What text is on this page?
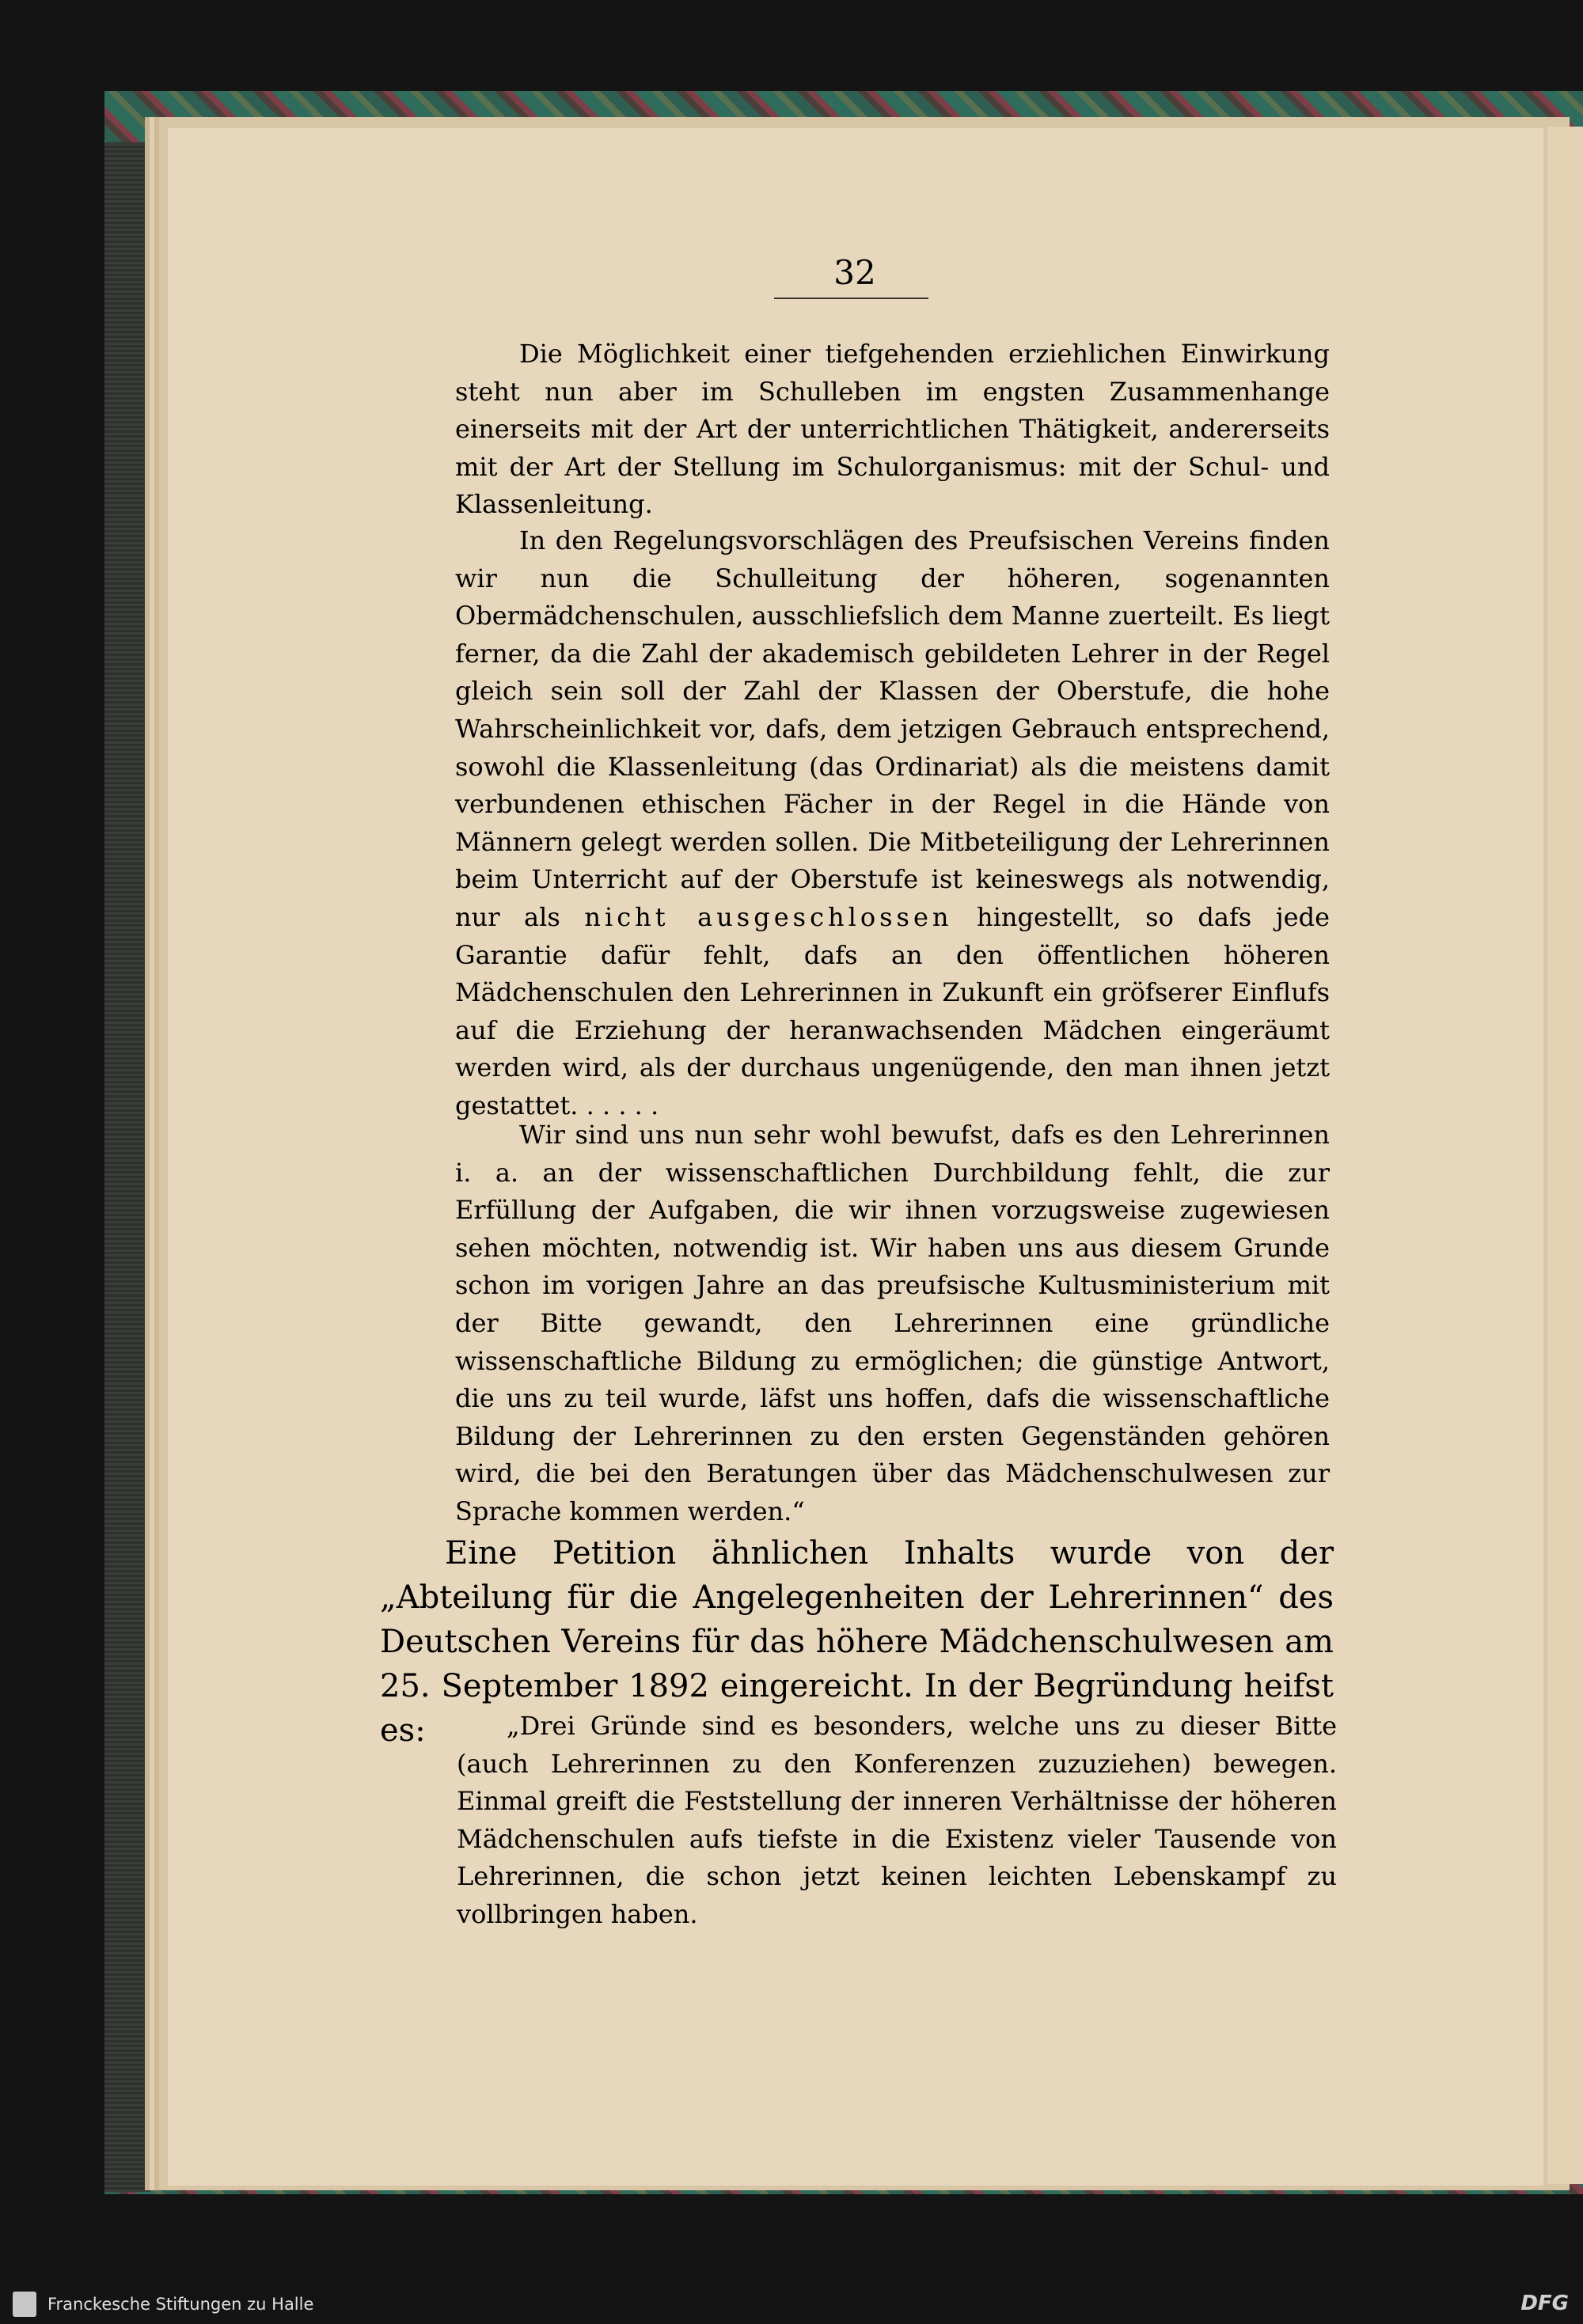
32

Die Möglichkeit einer tiefgehenden erziehlichen Einwirkung steht nun aber im Schulleben im engsten Zusammenhange einerseits mit der Art der unterrichtlichen Thätigkeit, andererseits mit der Art der Stellung im Schulorganismus: mit der Schul- und Klassenleitung.

In den Regelungsvorschlägen des Preufsischen Vereins finden wir nun die Schulleitung der höheren, sogenannten Obermädchenschulen, ausschliefslich dem Manne zuerteilt. Es liegt ferner, da die Zahl der akademisch gebildeten Lehrer in der Regel gleich sein soll der Zahl der Klassen der Oberstufe, die hohe Wahrscheinlichkeit vor, dafs, dem jetzigen Gebrauch entsprechend, sowohl die Klassenleitung (das Ordinariat) als die meistens damit verbundenen ethischen Fächer in der Regel in die Hände von Männern gelegt werden sollen. Die Mitbeteiligung der Lehrerinnen beim Unterricht auf der Oberstufe ist keineswegs als notwendig, nur als nicht ausgeschlossen hingestellt, so dafs jede Garantie dafür fehlt, dafs an den öffentlichen höheren Mädchenschulen den Lehrerinnen in Zukunft ein gröfserer Einflufs auf die Erziehung der heranwachsenden Mädchen eingeräumt werden wird, als der durchaus ungenügende, den man ihnen jetzt gestattet. . . . . .

Wir sind uns nun sehr wohl bewufst, dafs es den Lehrerinnen i. a. an der wissenschaftlichen Durchbildung fehlt, die zur Erfüllung der Aufgaben, die wir ihnen vorzugsweise zugewiesen sehen möchten, notwendig ist. Wir haben uns aus diesem Grunde schon im vorigen Jahre an das preufsische Kultusministerium mit der Bitte gewandt, den Lehrerinnen eine gründliche wissenschaftliche Bildung zu ermöglichen; die günstige Antwort, die uns zu teil wurde, läfst uns hoffen, dafs die wissenschaftliche Bildung der Lehrerinnen zu den ersten Gegenständen gehören wird, die bei den Beratungen über das Mädchenschulwesen zur Sprache kommen werden.“

Eine Petition ähnlichen Inhalts wurde von der „Abteilung für die Angelegenheiten der Lehrerinnen“ des Deutschen Vereins für das höhere Mädchenschulwesen am 25. September 1892 eingereicht. In der Begründung heifst es:	„Drei Gründe sind es besonders, welche uns zu dieser Bitte (auch Lehrerinnen zu den Konferenzen zuzuziehen) bewegen. Einmal greift die Feststellung der inneren Verhältnisse der höheren Mädchenschulen aufs tiefste in die Existenz vieler Tausende von Lehrerinnen, die schon jetzt keinen leichten Lebenskampf zu vollbringen haben.

Franckesche Stiftungen zu Halle	DFG
